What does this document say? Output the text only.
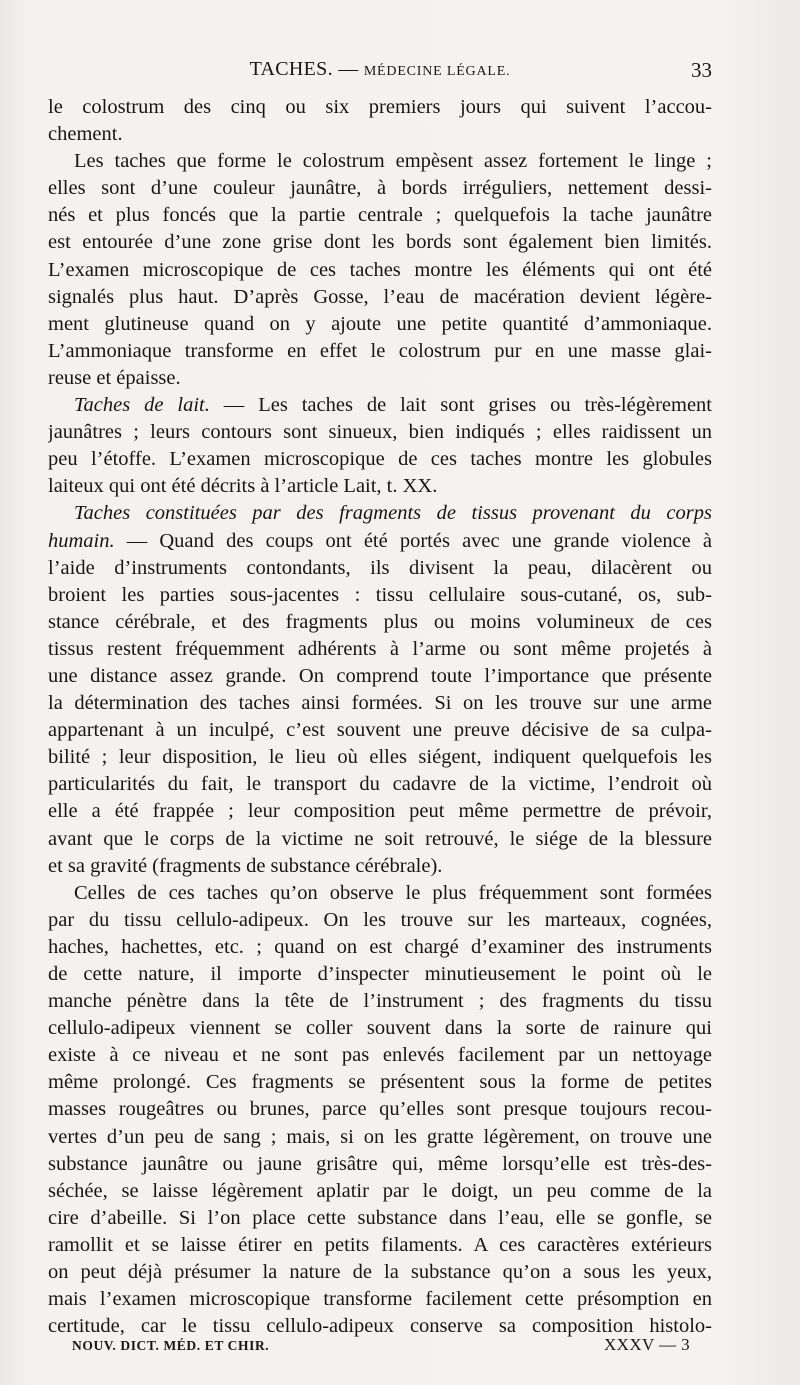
TACHES. — MÉDECINE LÉGALE.	33
le colostrum des cinq ou six premiers jours qui suivent l’accou-
chement.
Les taches que forme le colostrum empèsent assez fortement le linge ;
elles sont d’une couleur jaunâtre, à bords irréguliers, nettement dessi-
nés et plus foncés que la partie centrale ; quelquefois la tache jaunâtre
est entourée d’une zone grise dont les bords sont également bien limités.
L’examen microscopique de ces taches montre les éléments qui ont été
signalés plus haut. D’après Gosse, l’eau de macération devient légère-
ment glutineuse quand on y ajoute une petite quantité d’ammoniaque.
L’ammoniaque transforme en effet le colostrum pur en une masse glai-
reuse et épaisse.
Taches de lait. — Les taches de lait sont grises ou très-légèrement
jaunâtres ; leurs contours sont sinueux, bien indiqués ; elles raidissent un
peu l’étoffe. L’examen microscopique de ces taches montre les globules
laiteux qui ont été décrits à l’article Lait, t. XX.
Taches constituées par des fragments de tissus provenant du corps
humain. — Quand des coups ont été portés avec une grande violence à
l’aide d’instruments contondants, ils divisent la peau, dilacèrent ou
broient les parties sous-jacentes : tissu cellulaire sous-cutané, os, sub-
stance cérébrale, et des fragments plus ou moins volumineux de ces
tissus restent fréquemment adhérents à l’arme ou sont même projetés à
une distance assez grande. On comprend toute l’importance que présente
la détermination des taches ainsi formées. Si on les trouve sur une arme
appartenant à un inculpé, c’est souvent une preuve décisive de sa culpa-
bilité ; leur disposition, le lieu où elles siégent, indiquent quelquefois les
particularités du fait, le transport du cadavre de la victime, l’endroit où
elle a été frappée ; leur composition peut même permettre de prévoir,
avant que le corps de la victime ne soit retrouvé, le siége de la blessure
et sa gravité (fragments de substance cérébrale).
Celles de ces taches qu’on observe le plus fréquemment sont formées
par du tissu cellulo-adipeux. On les trouve sur les marteaux, cognées,
haches, hachettes, etc. ; quand on est chargé d’examiner des instruments
de cette nature, il importe d’inspecter minutieusement le point où le
manche pénètre dans la tête de l’instrument ; des fragments du tissu
cellulo-adipeux viennent se coller souvent dans la sorte de rainure qui
existe à ce niveau et ne sont pas enlevés facilement par un nettoyage
même prolongé. Ces fragments se présentent sous la forme de petites
masses rougeâtres ou brunes, parce qu’elles sont presque toujours recou-
vertes d’un peu de sang ; mais, si on les gratte légèrement, on trouve une
substance jaunâtre ou jaune grisâtre qui, même lorsqu’elle est très-des-
séchée, se laisse légèrement aplatir par le doigt, un peu comme de la
cire d’abeille. Si l’on place cette substance dans l’eau, elle se gonfle, se
ramollit et se laisse étirer en petits filaments. A ces caractères extérieurs
on peut déjà présumer la nature de la substance qu’on a sous les yeux,
mais l’examen microscopique transforme facilement cette présomption en
certitude, car le tissu cellulo-adipeux conserve sa composition histolo-
NOUV. DICT. MÉD. ET CHIR.	XXXV — 3
